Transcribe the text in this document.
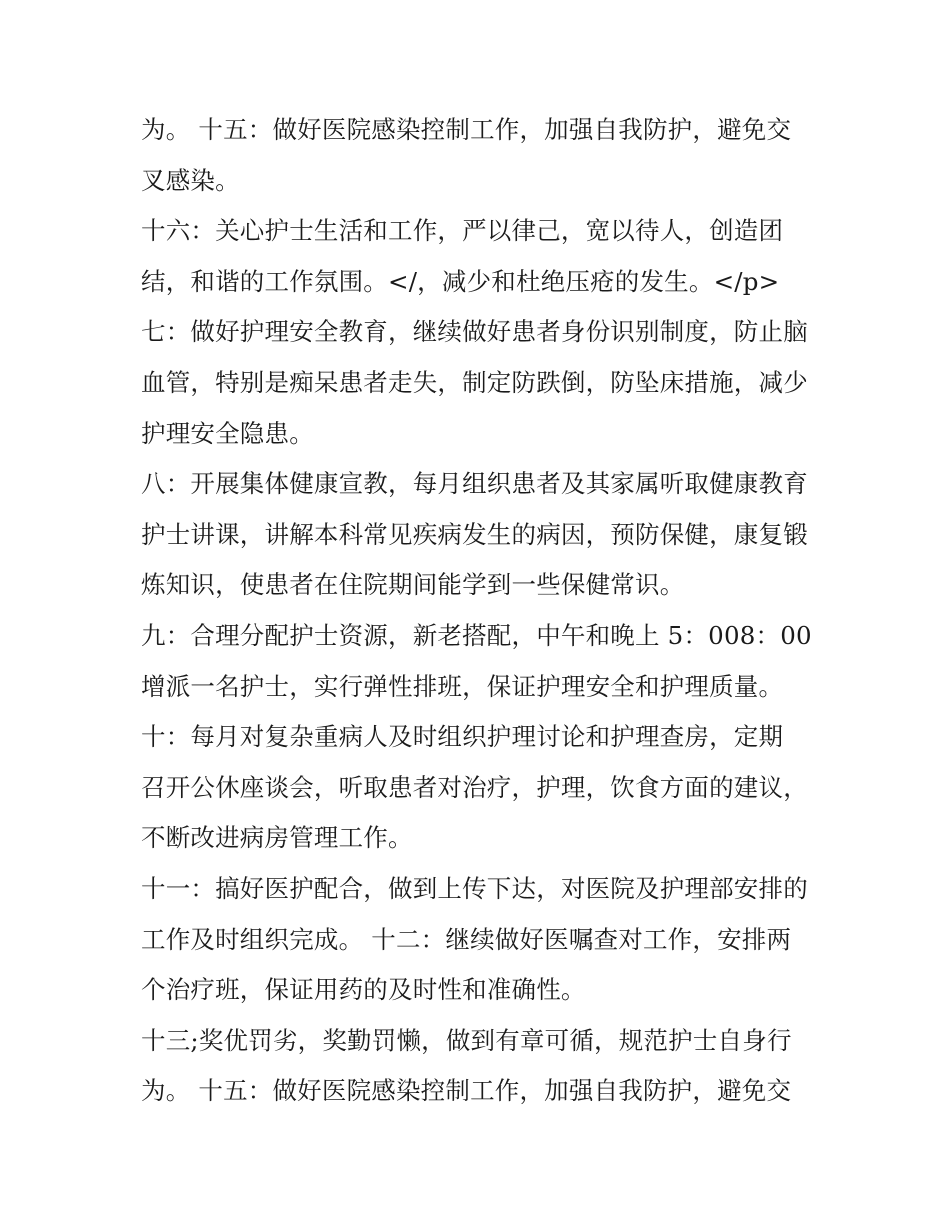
为。 十五：做好医院感染控制工作，加强自我防护，避免交
叉感染。
十六：关心护士生活和工作，严以律己，宽以待人，创造团
结，和谐的工作氛围。</，减少和杜绝压疮的发生。</p>
七：做好护理安全教育，继续做好患者身份识别制度，防止脑
血管，特别是痴呆患者走失，制定防跌倒，防坠床措施，减少
护理安全隐患。
八：开展集体健康宣教，每月组织患者及其家属听取健康教育
护士讲课，讲解本科常见疾病发生的病因，预防保健，康复锻
炼知识，使患者在住院期间能学到一些保健常识。
九：合理分配护士资源，新老搭配，中午和晚上 5：008：00
增派一名护士，实行弹性排班，保证护理安全和护理质量。
十：每月对复杂重病人及时组织护理讨论和护理查房，定期
召开公休座谈会，听取患者对治疗，护理，饮食方面的建议，
不断改进病房管理工作。
十一：搞好医护配合，做到上传下达，对医院及护理部安排的
工作及时组织完成。 十二：继续做好医嘱查对工作，安排两
个治疗班，保证用药的及时性和准确性。
十三;奖优罚劣，奖勤罚懒，做到有章可循，规范护士自身行
为。 十五：做好医院感染控制工作，加强自我防护，避免交
